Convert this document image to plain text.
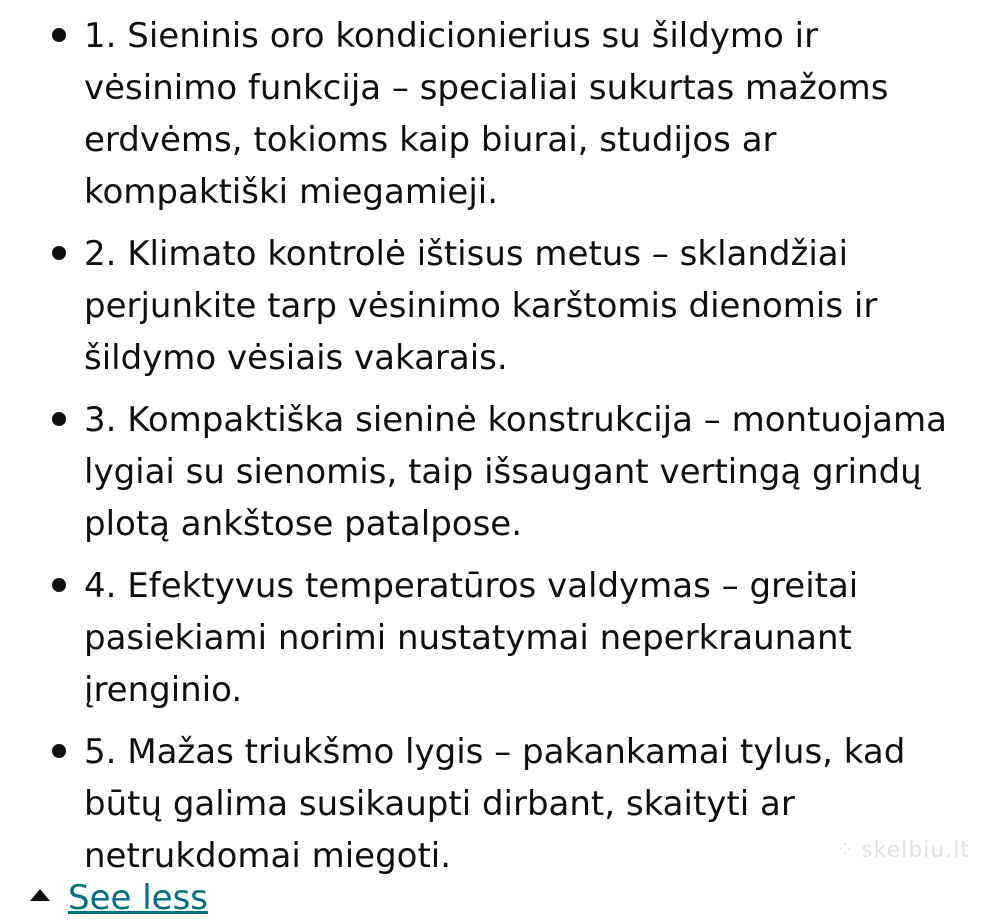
1. Sieninis oro kondicionierius su šildymo ir vėsinimo funkcija – specialiai sukurtas mažoms erdvėms, tokioms kaip biurai, studijos ar kompaktiški miegamieji.
2. Klimato kontrolė ištisus metus – sklandžiai perjunkite tarp vėsinimo karštomis dienomis ir šildymo vėsiais vakarais.
3. Kompaktiška sieninė konstrukcija – montuojama lygiai su sienomis, taip išsaugant vertingą grindų plotą ankštose patalpose.
4. Efektyvus temperatūros valdymas – greitai pasiekiami norimi nustatymai neperkraunant įrenginio.
5. Mažas triukšmo lygis – pakankamai tylus, kad būtų galima susikaupti dirbant, skaityti ar netrukdomai miegoti.	⁘ skelbiu.lt
See less
